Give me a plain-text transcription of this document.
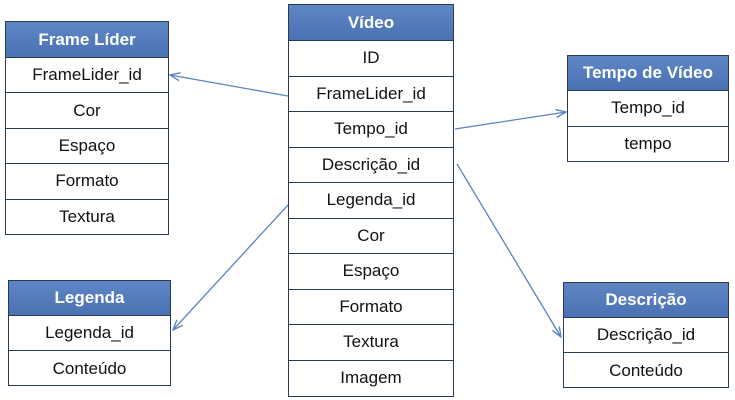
Vídeo
ID
FrameLider_id
Tempo_id
Descrição_id
Legenda_id
Cor
Espaço
Formato
Textura
Imagem
Frame Líder
FrameLider_id
Cor
Espaço
Formato
Textura
Legenda
Legenda_id
Conteúdo
Tempo de Vídeo
Tempo_id
tempo
Descrição
Descrição_id
Conteúdo
